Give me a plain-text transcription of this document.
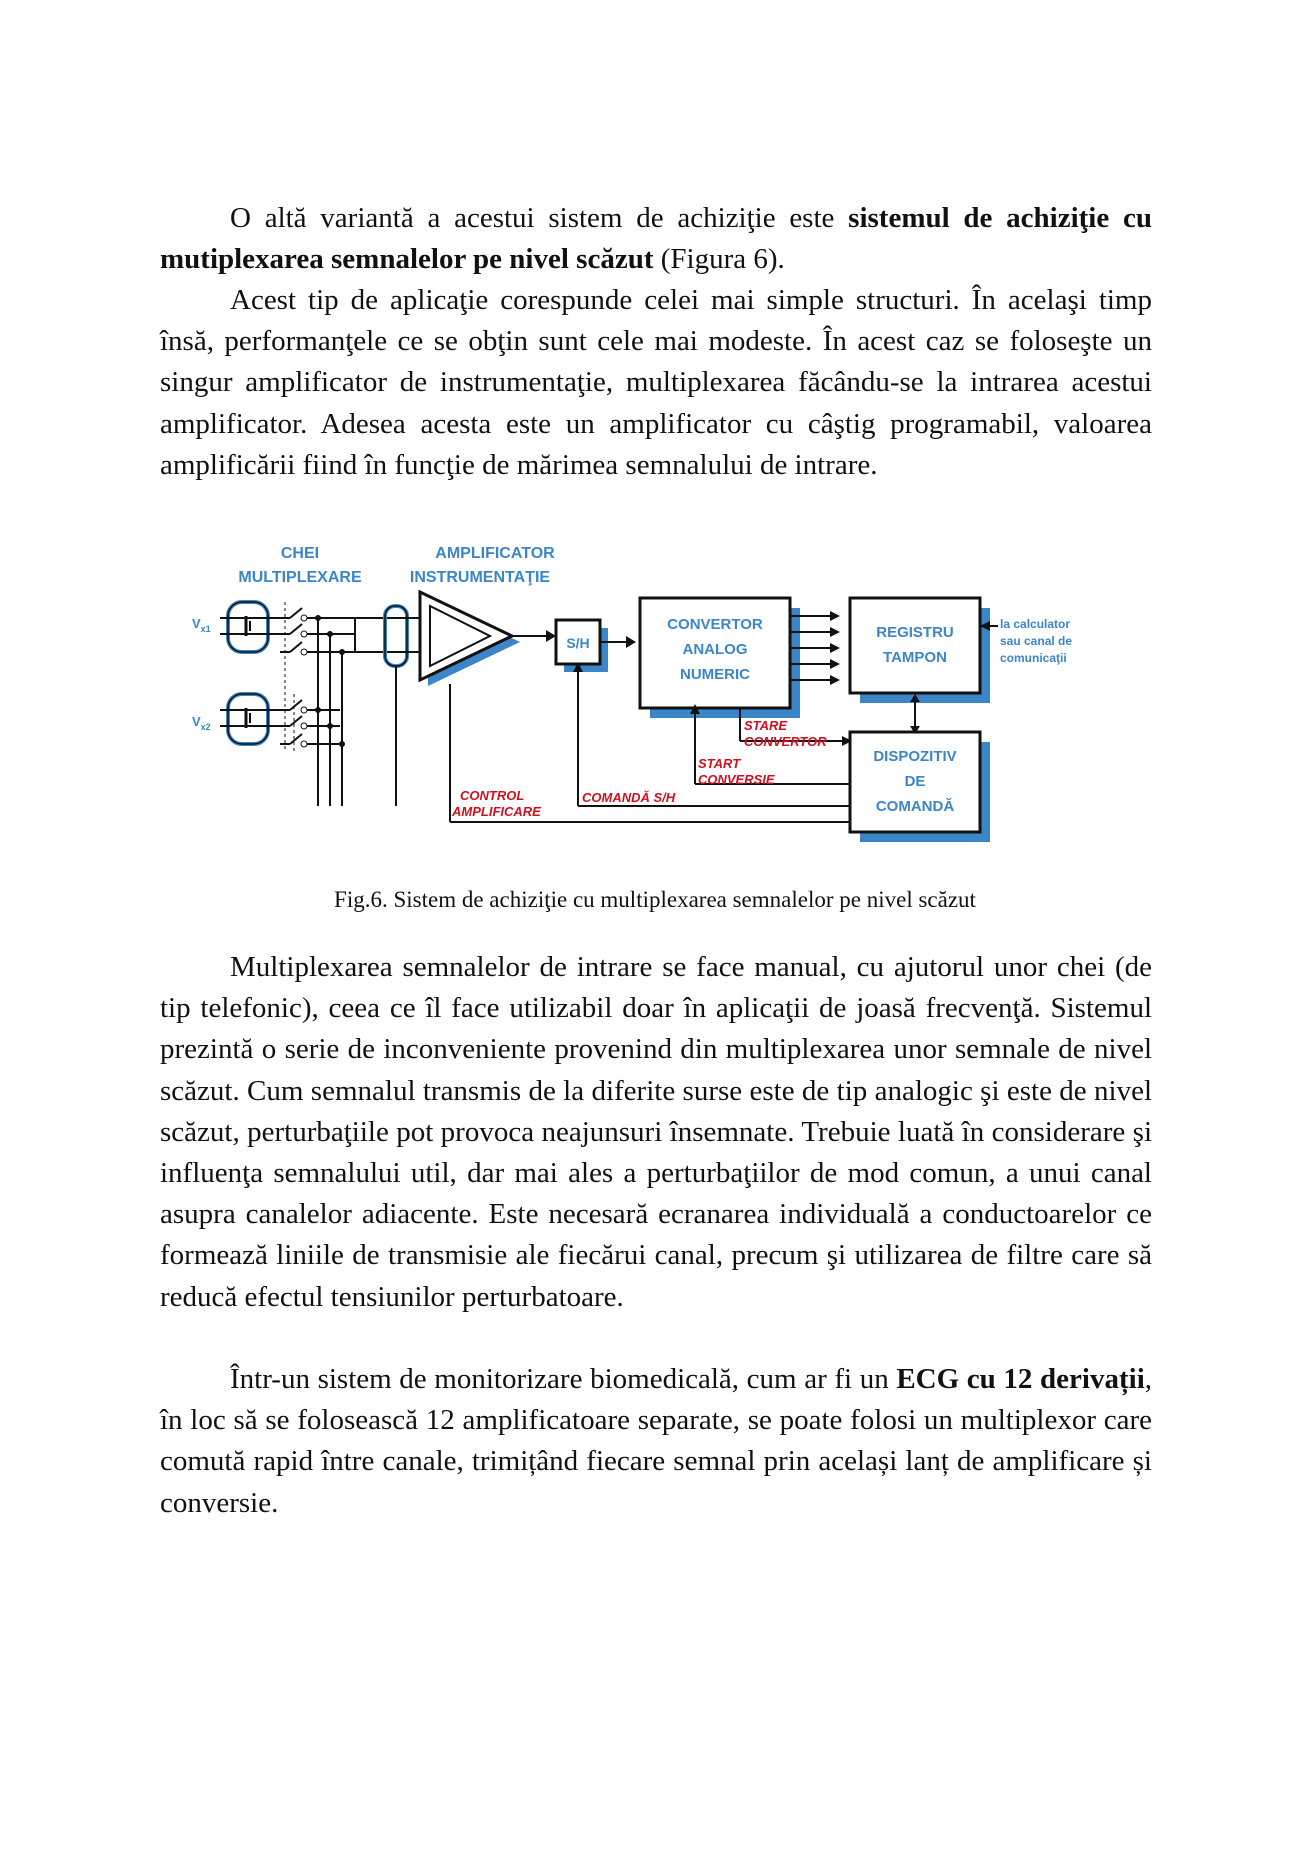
O altă variantă a acestui sistem de achiziţie este sistemul de achiziţie cu mutiplexarea semnalelor pe nivel scăzut (Figura 6).

Acest tip de aplicaţie corespunde celei mai simple structuri. În acelaşi timp însă, performanţele ce se obţin sunt cele mai modeste. În acest caz se foloseşte un singur amplificator de instrumentaţie, multiplexarea făcându-se la intrarea acestui amplificator. Adesea acesta este un amplificator cu câştig programabil, valoarea amplificării fiind în funcţie de mărimea semnalului de intrare.

CHEI	AMPLIFICATOR
MULTIPLEXARE	INSTRUMENTAŢIE
$V_{x1}$
$V_{x2}$
S/H
CONVERTOR
ANALOG
NUMERIC
REGISTRU
TAMPON
la calculator
sau canal de
comunicaţii
DISPOZITIV
DE
COMANDĂ
STARE
CONVERTOR
START
CONVERSIE
CONTROL
AMPLIFICARE
COMANDĂ S/H
Fig.6. Sistem de achiziţie cu multiplexarea semnalelor pe nivel scăzut

Multiplexarea semnalelor de intrare se face manual, cu ajutorul unor chei (de tip telefonic), ceea ce îl face utilizabil doar în aplicaţii de joasă frecvenţă. Sistemul prezintă o serie de inconveniente provenind din multiplexarea unor semnale de nivel scăzut. Cum semnalul transmis de la diferite surse este de tip analogic şi este de nivel scăzut, perturbaţiile pot provoca neajunsuri însemnate. Trebuie luată în considerare şi influenţa semnalului util, dar mai ales a perturbaţiilor de mod comun, a unui canal asupra canalelor adiacente. Este necesară ecranarea individuală a conductoarelor ce formează liniile de transmisie ale fiecărui canal, precum şi utilizarea de filtre care să reducă efectul tensiunilor perturbatoare.

Într-un sistem de monitorizare biomedicală, cum ar fi un ECG cu 12 derivații, în loc să se folosească 12 amplificatoare separate, se poate folosi un multiplexor care comută rapid între canale, trimițând fiecare semnal prin același lanț de amplificare și conversie.
